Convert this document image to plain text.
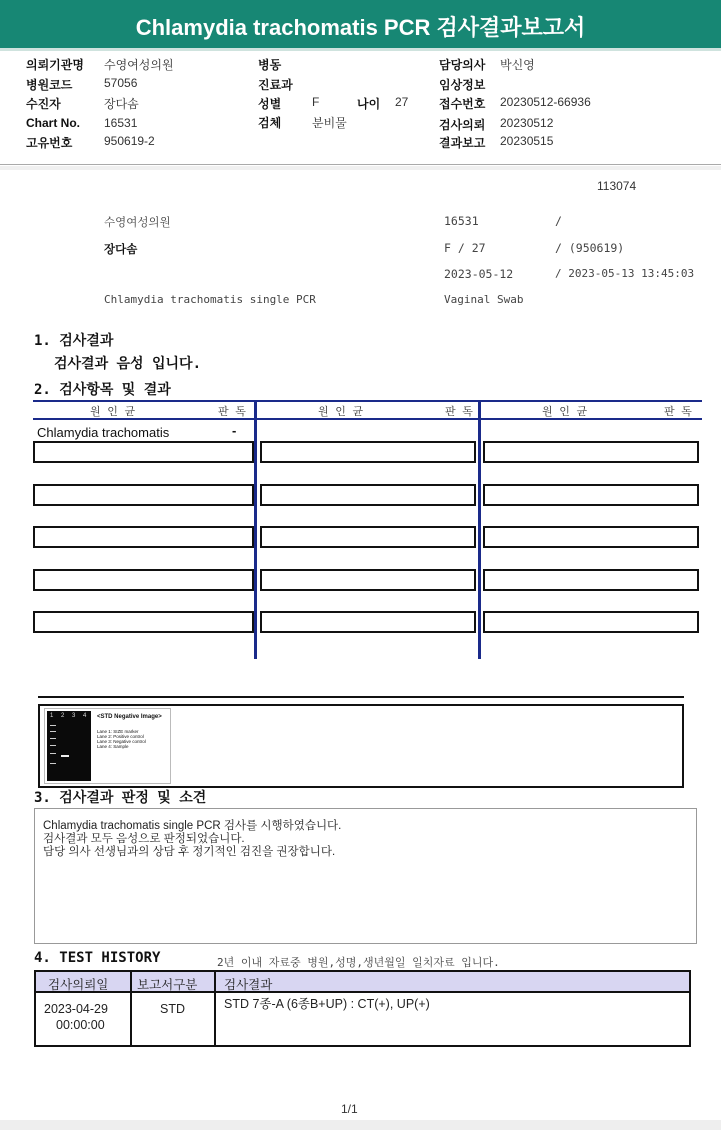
Chlamydia trachomatis PCR 검사결과보고서
의뢰기관명 수영여성의원	병동	담당의사 박신영
병원코드	57056	진료과	임상정보
수진자	장다솜	성별	F	나이 27	접수번호 20230512-66936
Chart No. 16531	검체	분비물	검사의뢰 20230512
고유번호	950619-2	결과보고 20230515
113074
수영여성의원	16531	/
장다솜	F / 27	/ (950619)
2023-05-12	/ 2023-05-13 13:45:03
Chlamydia trachomatis single PCR	Vaginal Swab
1. 검사결과
검사결과 음성 입니다.
2. 검사항목 및 결과
원 인 균	판 독	원 인 균	판 독	원 인 균	판 독
Chlamydia trachomatis	-
1 2 3 4 <STD Negative Image>
Lane 1: SIZE marker
Lane 2: Positive control
Lane 3: Negative control
Lane 4: Sample
3. 검사결과 판정 및 소견
Chlamydia trachomatis single PCR 검사를 시행하였습니다.
검사결과 모두 음성으로 판정되었습니다.
담당 의사 선생님과의 상담 후 정기적인 검진을 권장합니다.
4. TEST HISTORY	2년 이내 자료중 병원,성명,생년월일 일치자료 입니다.
검사의뢰일 보고서구분 검사결과
2023-04-29
00:00:00
STD	STD 7종-A (6종B+UP) : CT(+), UP(+)
1/1
